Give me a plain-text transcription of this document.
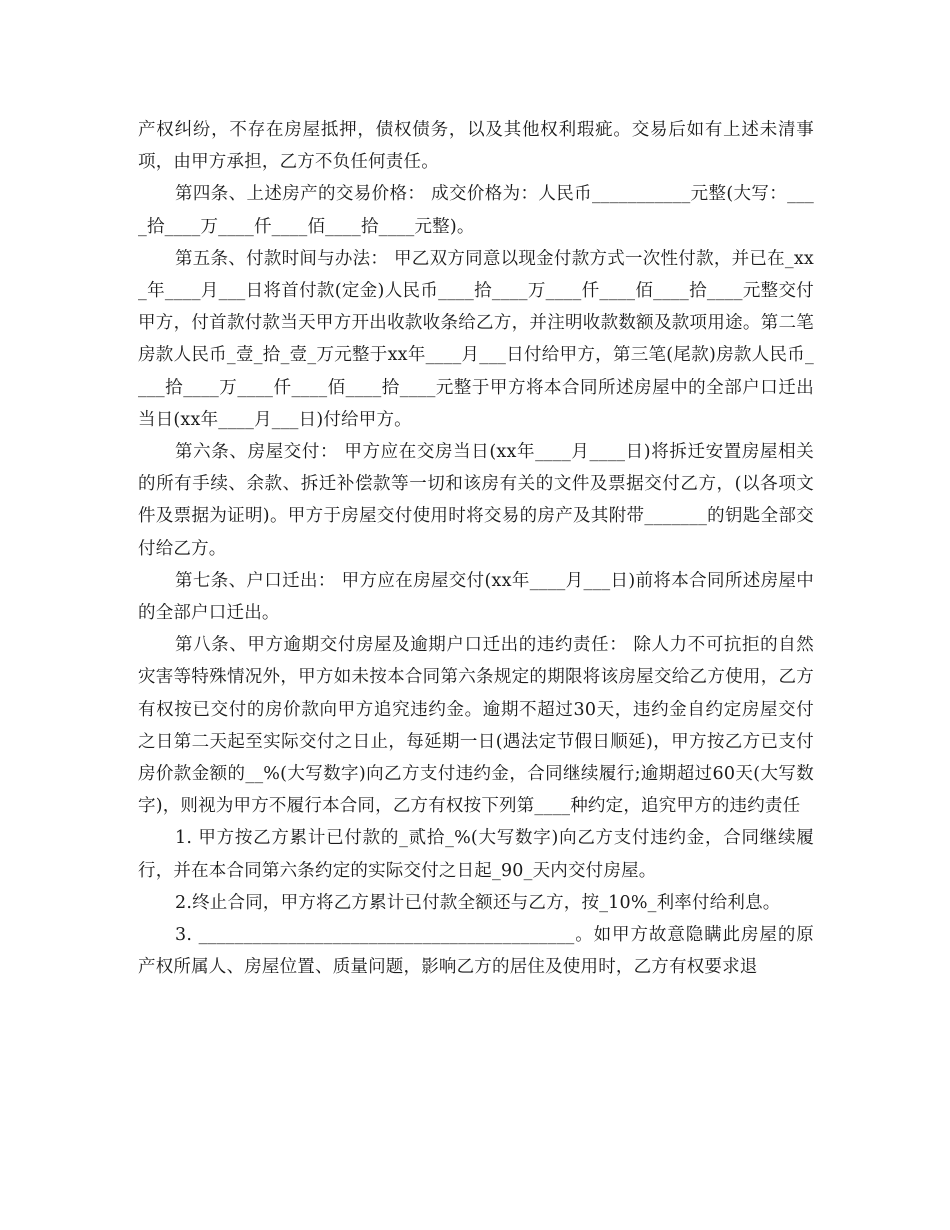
产权纠纷，不存在房屋抵押，债权债务，以及其他权利瑕疵。交易后如有上述未清事项，由甲方承担，乙方不负任何责任。

第四条、上述房产的交易价格： 成交价格为：人民币___________元整(大写：____拾____万____仟____佰____拾____元整)。

第五条、付款时间与办法： 甲乙双方同意以现金付款方式一次性付款，并已在_xx_年____月___日将首付款(定金)人民币____拾____万____仟____佰____拾____元整交付甲方，付首款付款当天甲方开出收款收条给乙方，并注明收款数额及款项用途。第二笔房款人民币_壹_拾_壹_万元整于xx年____月___日付给甲方，第三笔(尾款)房款人民币____拾____万____仟____佰____拾____元整于甲方将本合同所述房屋中的全部户口迁出当日(xx年____月___日)付给甲方。

第六条、房屋交付： 甲方应在交房当日(xx年____月____日)将拆迁安置房屋相关的所有手续、余款、拆迁补偿款等一切和该房有关的文件及票据交付乙方，(以各项文件及票据为证明)。甲方于房屋交付使用时将交易的房产及其附带_______的钥匙全部交付给乙方。

第七条、户口迁出： 甲方应在房屋交付(xx年____月___日)前将本合同所述房屋中的全部户口迁出。

第八条、甲方逾期交付房屋及逾期户口迁出的违约责任： 除人力不可抗拒的自然灾害等特殊情况外，甲方如未按本合同第六条规定的期限将该房屋交给乙方使用，乙方有权按已交付的房价款向甲方追究违约金。逾期不超过30天，违约金自约定房屋交付之日第二天起至实际交付之日止，每延期一日(遇法定节假日顺延)，甲方按乙方已支付房价款金额的__%(大写数字)向乙方支付违约金，合同继续履行;逾期超过60天(大写数字)，则视为甲方不履行本合同，乙方有权按下列第____种约定，追究甲方的违约责任

1. 甲方按乙方累计已付款的_贰拾_%(大写数字)向乙方支付违约金，合同继续履行，并在本合同第六条约定的实际交付之日起_90_天内交付房屋。

2.终止合同，甲方将乙方累计已付款全额还与乙方，按_10%_利率付给利息。

3. __________________________________________。如甲方故意隐瞒此房屋的原产权所属人、房屋位置、质量问题，影响乙方的居住及使用时，乙方有权要求退
